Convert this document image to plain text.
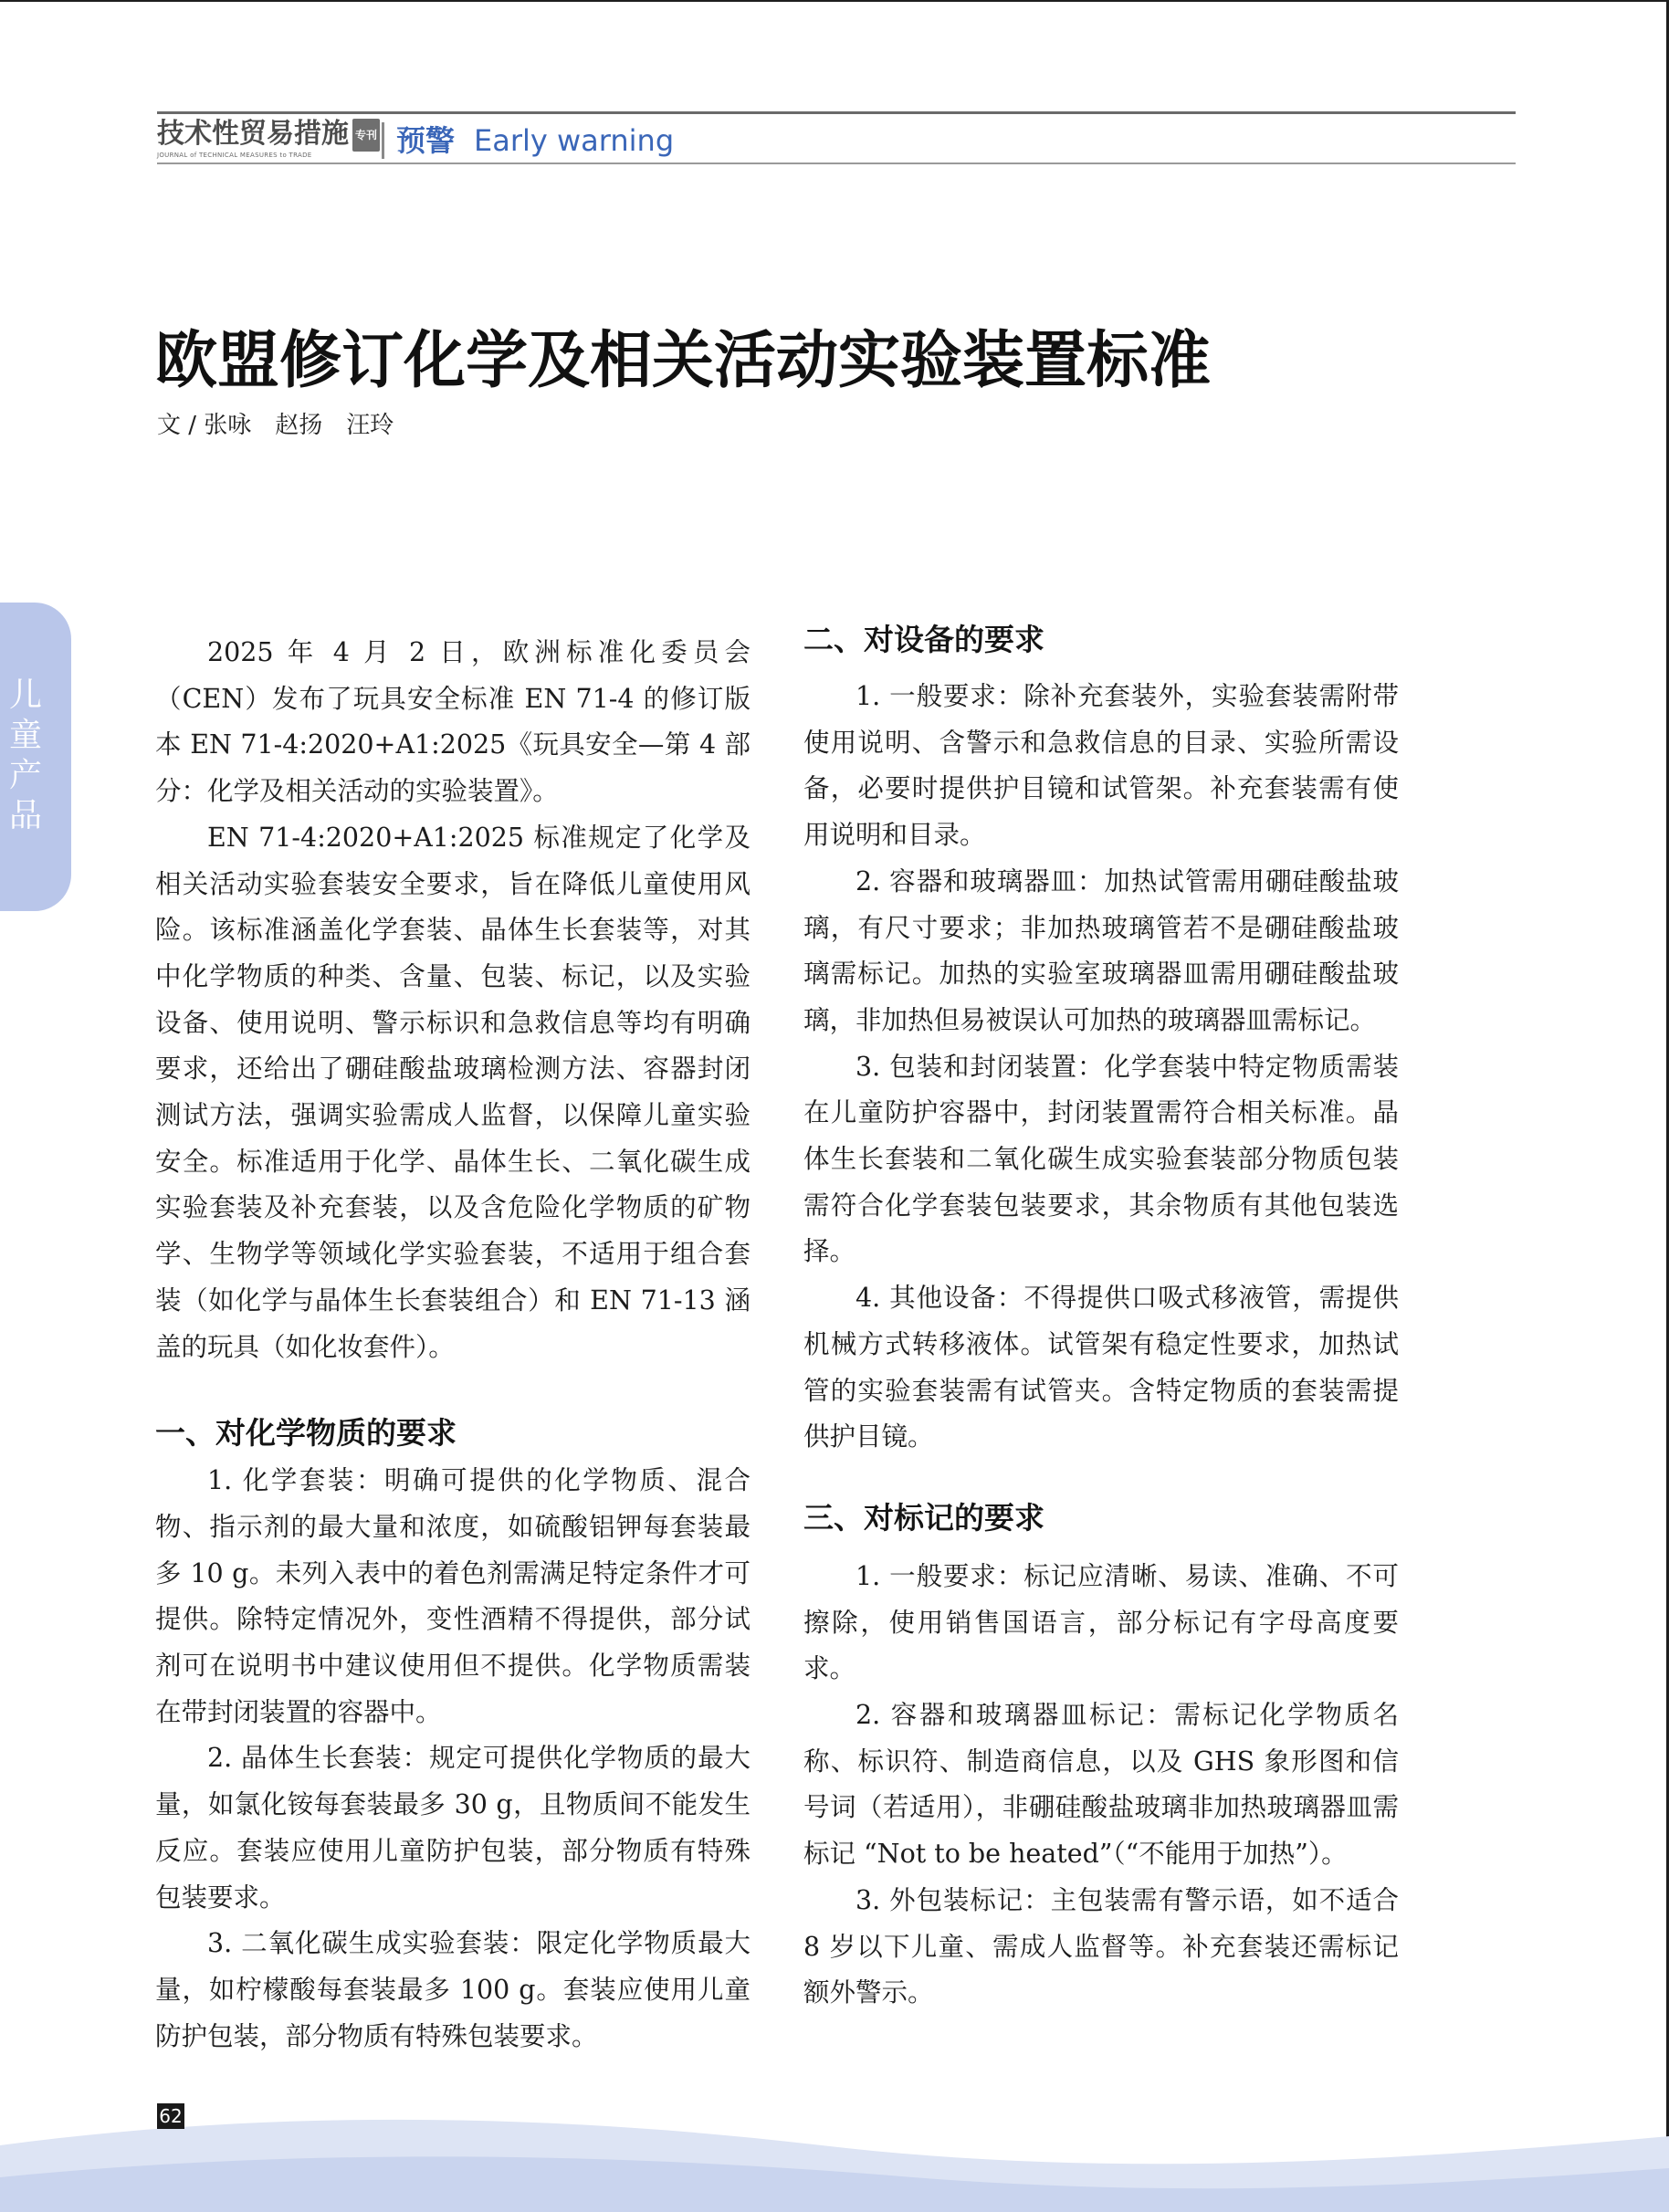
技术性贸易措施 专刊
JOURNAL of TECHNICAL MEASURES to TRADE	预警 Early warning
欧盟修订化学及相关活动实验装置标准
文 / 张咏　赵扬　汪玲
儿
童
产
品

2025 年 4 月 2 日，欧洲标准化委员会（CEN）发布了玩具安全标准 EN 71-4 的修订版本 EN 71-4:2020+A1:2025《玩具安全—第 4 部分：化学及相关活动的实验装置》。

EN 71-4:2020+A1:2025 标准规定了化学及相关活动实验套装安全要求，旨在降低儿童使用风险。该标准涵盖化学套装、晶体生长套装等，对其中化学物质的种类、含量、包装、标记，以及实验设备、使用说明、警示标识和急救信息等均有明确要求，还给出了硼硅酸盐玻璃检测方法、容器封闭测试方法，强调实验需成人监督，以保障儿童实验安全。标准适用于化学、晶体生长、二氧化碳生成实验套装及补充套装，以及含危险化学物质的矿物学、生物学等领域化学实验套装，不适用于组合套装（如化学与晶体生长套装组合）和 EN 71-13 涵盖的玩具（如化妆套件）。

一、对化学物质的要求

1. 化学套装：明确可提供的化学物质、混合物、指示剂的最大量和浓度，如硫酸铝钾每套装最多 10 g。未列入表中的着色剂需满足特定条件才可提供。除特定情况外，变性酒精不得提供，部分试剂可在说明书中建议使用但不提供。化学物质需装在带封闭装置的容器中。

2. 晶体生长套装：规定可提供化学物质的最大量，如氯化铵每套装最多 30 g，且物质间不能发生反应。套装应使用儿童防护包装，部分物质有特殊包装要求。

3. 二氧化碳生成实验套装：限定化学物质最大量，如柠檬酸每套装最多 100 g。套装应使用儿童防护包装，部分物质有特殊包装要求。

二、对设备的要求

1. 一般要求：除补充套装外，实验套装需附带使用说明、含警示和急救信息的目录、实验所需设备，必要时提供护目镜和试管架。补充套装需有使用说明和目录。

2. 容器和玻璃器皿：加热试管需用硼硅酸盐玻璃，有尺寸要求；非加热玻璃管若不是硼硅酸盐玻璃需标记。加热的实验室玻璃器皿需用硼硅酸盐玻璃，非加热但易被误认可加热的玻璃器皿需标记。

3. 包装和封闭装置：化学套装中特定物质需装在儿童防护容器中，封闭装置需符合相关标准。晶体生长套装和二氧化碳生成实验套装部分物质包装需符合化学套装包装要求，其余物质有其他包装选择。

4. 其他设备：不得提供口吸式移液管，需提供机械方式转移液体。试管架有稳定性要求，加热试管的实验套装需有试管夹。含特定物质的套装需提供护目镜。

三、对标记的要求

1. 一般要求：标记应清晰、易读、准确、不可擦除，使用销售国语言，部分标记有字母高度要求。

2. 容器和玻璃器皿标记：需标记化学物质名称、标识符、制造商信息，以及 GHS 象形图和信号词（若适用），非硼硅酸盐玻璃非加热玻璃器皿需标记 “Not to be heated”（“不能用于加热”）。

3. 外包装标记：主包装需有警示语，如不适合 8 岁以下儿童、需成人监督等。补充套装还需标记额外警示。

62
